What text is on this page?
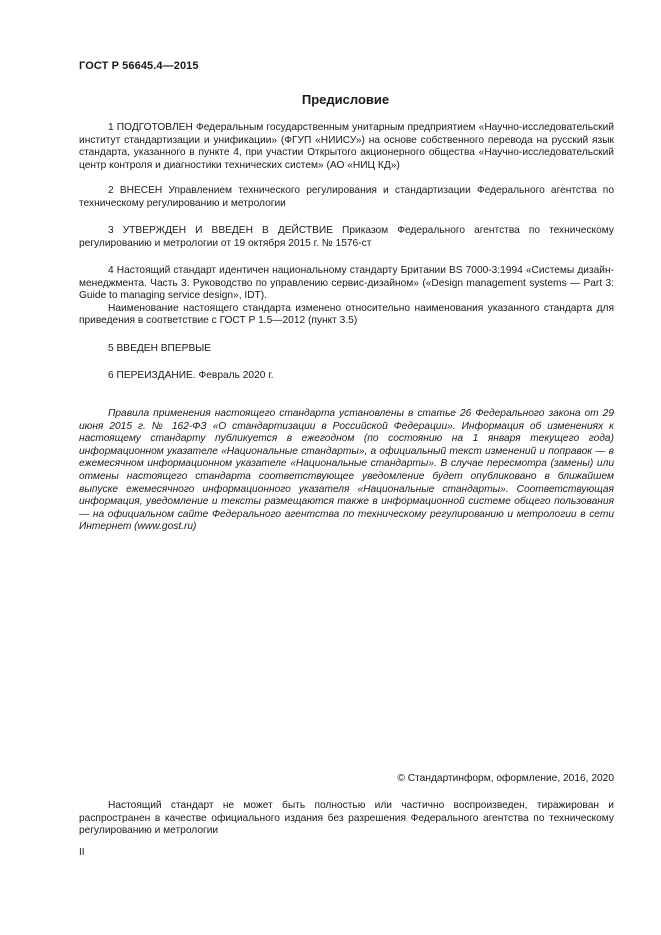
ГОСТ Р 56645.4—2015
Предисловие

1 ПОДГОТОВЛЕН Федеральным государственным унитарным предприятием «Научно-исследовательский институт стандартизации и унификации» (ФГУП «НИИСУ») на основе собственного перевода на русский язык стандарта, указанного в пункте 4, при участии Открытого акционерного общества «Научно-исследовательский центр контроля и диагностики технических систем» (АО «НИЦ КД»)

2 ВНЕСЕН Управлением технического регулирования и стандартизации Федерального агентства по техническому регулированию и метрологии

3 УТВЕРЖДЕН И ВВЕДЕН В ДЕЙСТВИЕ Приказом Федерального агентства по техническому регулированию и метрологии от 19 октября 2015 г. № 1576-ст

4 Настоящий стандарт идентичен национальному стандарту Британии BS 7000-3:1994 «Системы дизайн-менеджмента. Часть 3. Руководство по управлению сервис-дизайном» («Design management systems — Part 3: Guide to managing service design», IDT).

Наименование настоящего стандарта изменено относительно наименования указанного стандарта для приведения в соответствие с ГОСТ Р 1.5—2012 (пункт 3.5)

5 ВВЕДЕН ВПЕРВЫЕ

6 ПЕРЕИЗДАНИЕ. Февраль 2020 г.

Правила применения настоящего стандарта установлены в статье 26 Федерального закона от 29 июня 2015 г. № 162-ФЗ «О стандартизации в Российской Федерации». Информация об изменениях к настоящему стандарту публикуется в ежегодном (по состоянию на 1 января текущего года) информационном указателе «Национальные стандарты», а официальный текст изменений и поправок — в ежемесячном информационном указателе «Национальные стандарты». В случае пересмотра (замены) или отмены настоящего стандарта соответствующее уведомление будет опубликовано в ближайшем выпуске ежемесячного информационного указателя «Национальные стандарты». Соответствующая информация, уведомление и тексты размещаются также в информационной системе общего пользования — на официальном сайте Федерального агентства по техническому регулированию и метрологии в сети Интернет (www.gost.ru)

© Стандартинформ, оформление, 2016, 2020

Настоящий стандарт не может быть полностью или частично воспроизведен, тиражирован и распространен в качестве официального издания без разрешения Федерального агентства по техническому регулированию и метрологии

II
